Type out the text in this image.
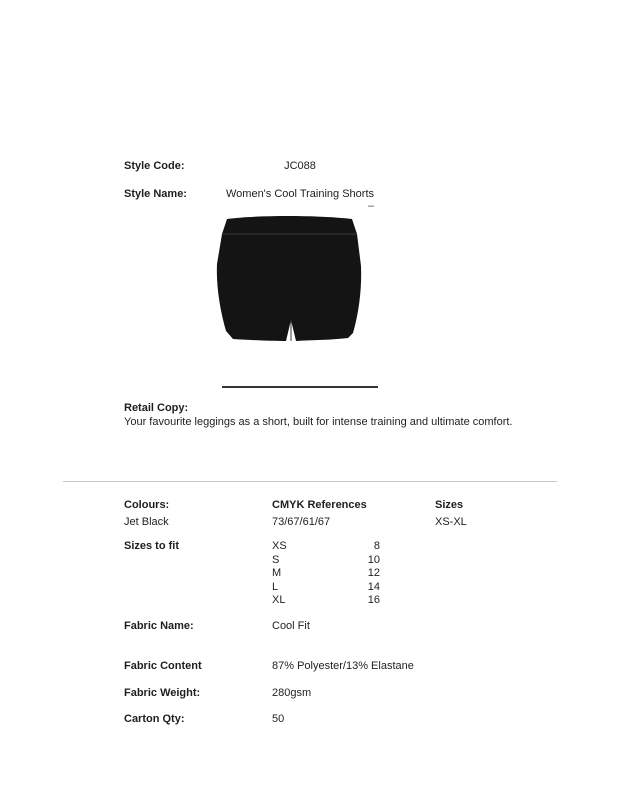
Style Code:	JC088
Style Name:	Women's Cool Training Shorts
–
Retail Copy:
Your favourite leggings as a short, built for intense training and ultimate comfort.
Colours:	CMYK References	Sizes
Jet Black	73/67/61/67	XS-XL
Sizes to fit	XS	8
S	10
M	12
L	14
XL	16
Fabric Name:	Cool Fit
Fabric Content	87% Polyester/13% Elastane
Fabric Weight:	280gsm
Carton Qty:	50
